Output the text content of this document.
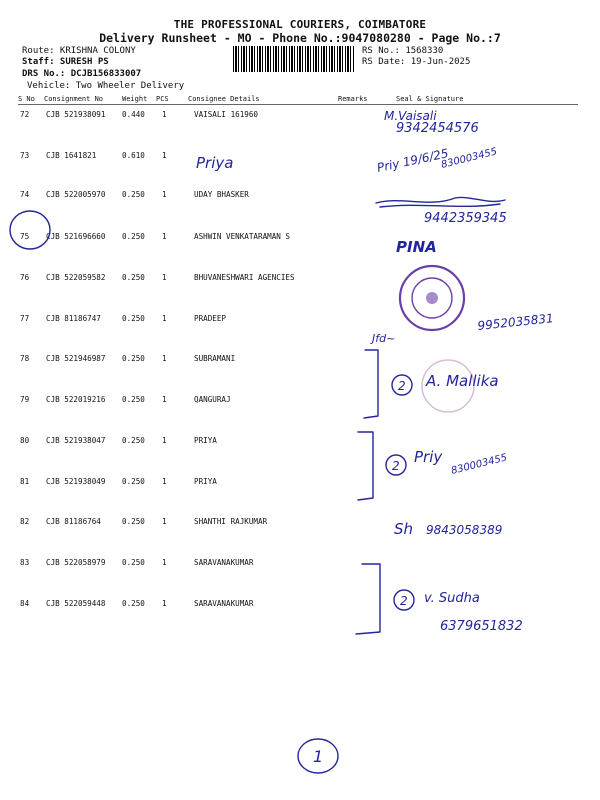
THE PROFESSIONAL COURIERS, COIMBATORE
Delivery Runsheet - MO - Phone No.:9047080280 - Page No.:7
Route: KRISHNA COLONY
Staff: SURESH PS
DRS No.: DCJB156833007
Vehicle: Two Wheeler Delivery
RS No.: 1568330
RS Date: 19-Jun-2025
S No Consignment No	Weight PCS	Consignee Details	Remarks	Seal & Signature
72 CJB 521938091 0.440 1	VAISALI 161960
73 CJB 1641821	0.610 1
74 CJB 522005970 0.250 1	UDAY BHASKER
75 CJB 521696660 0.250 1	ASHWIN VENKATARAMAN S
76 CJB 522059582 0.250 1	BHUVANESHWARI AGENCIES
77 CJB 81186747	0.250 1	PRADEEP
78 CJB 521946987 0.250 1	SUBRAMANI
79 CJB 522019216 0.250 1	QANGURAJ
80 CJB 521938047 0.250 1	PRIYA
81 CJB 521938049 0.250 1	PRIYA
82 CJB 81186764	0.250 1	SHANTHI RAJKUMAR
83 CJB 522058979 0.250 1	SARAVANAKUMAR
84 CJB 522059448 0.250 1	SARAVANAKUMAR
M.Vaisali
9342454576
Priya	Priy 19/6/25
830003455
9442359345
PINA
Jfd~
9952035831
2 A. Mallika
2 Priy 830003455
Sh 9843058389
2 v. Sudha
6379651832
1
